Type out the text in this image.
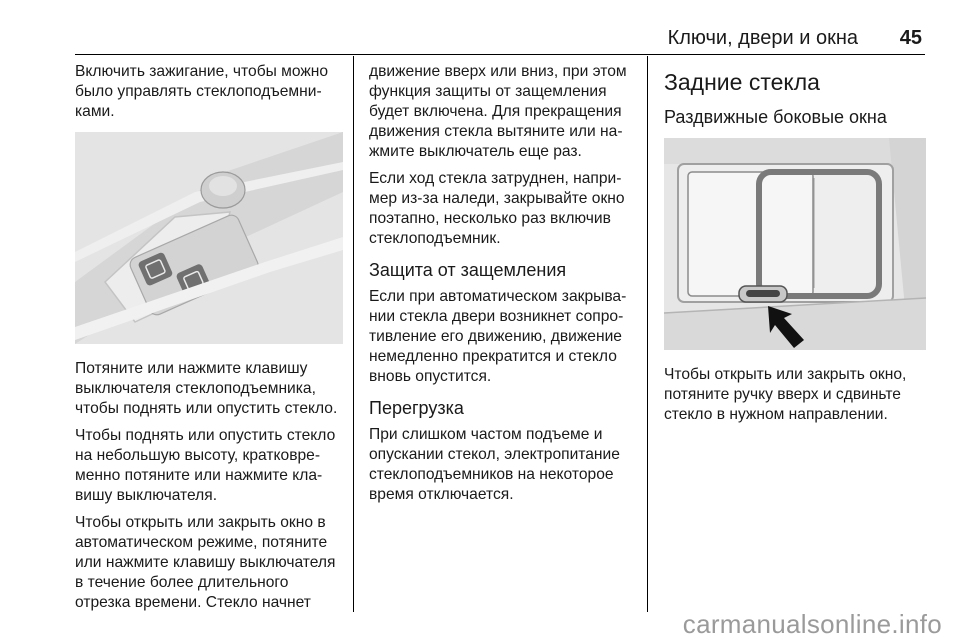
Ключи, двери и окна 45

Включить зажигание, чтобы можно было управлять стеклоподъемниками.

Потяните или нажмите клавишу выключателя стеклоподъемника, чтобы поднять или опустить стекло.

Чтобы поднять или опустить стекло на небольшую высоту, кратковременно потяните или нажмите клавишу выключателя.

Чтобы открыть или закрыть окно в автоматическом режиме, потяните или нажмите клавишу выключателя в течение более длительного отрезка времени. Стекло начнет

движение вверх или вниз, при этом функция защиты от защемления будет включена. Для прекращения движения стекла вытяните или нажмите выключатель еще раз.

Если ход стекла затруднен, например из-за наледи, закрывайте окно поэтапно, несколько раз включив стеклоподъемник.

Защита от защемления

Если при автоматическом закрывании стекла двери возникнет сопротивление его движению, движение немедленно прекратится и стекло вновь опустится.

Перегрузка

При слишком частом подъеме и опускании стекол, электропитание стеклоподъемников на некоторое время отключается.

Задние стекла
Раздвижные боковые окна

Чтобы открыть или закрыть окно, потяните ручку вверх и сдвиньте стекло в нужном направлении.

carmanualsonline.info
